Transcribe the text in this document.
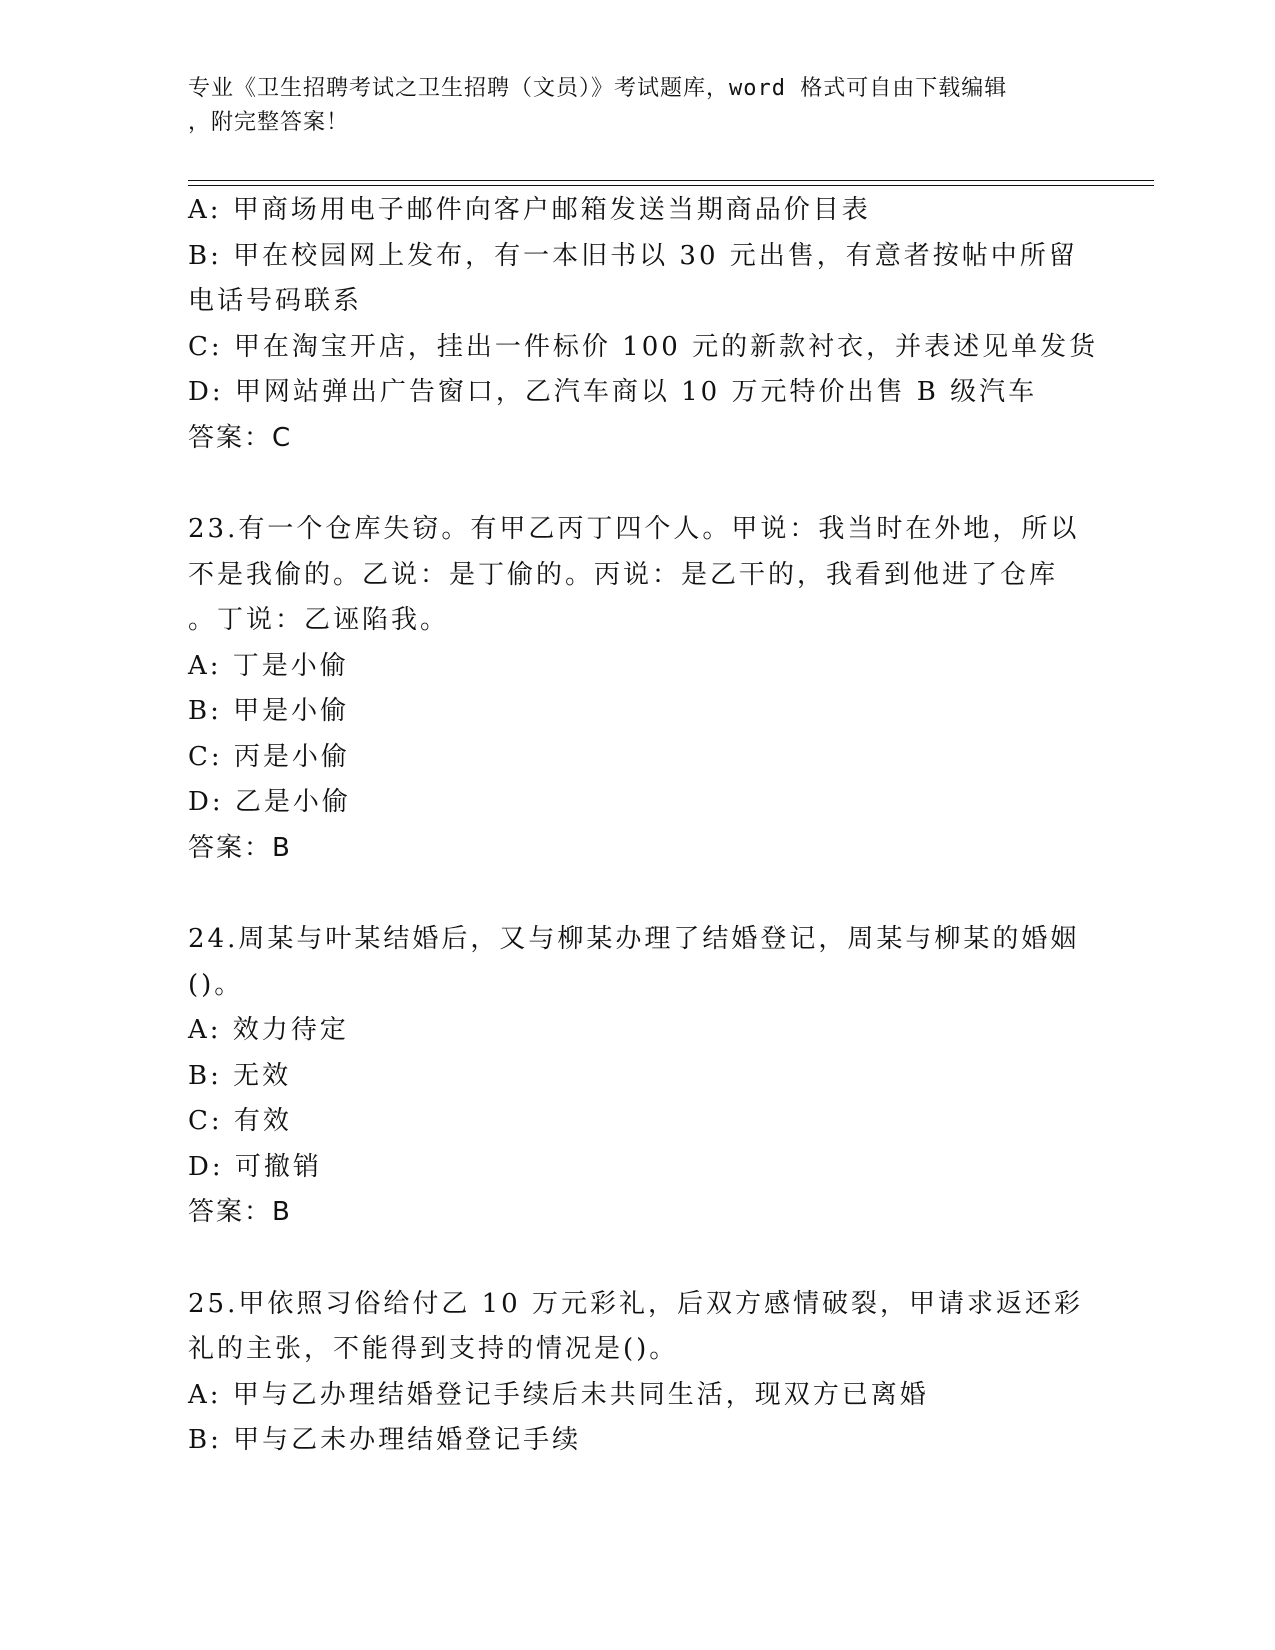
专业《卫生招聘考试之卫生招聘（文员）》考试题库，word 格式可自由下载编辑
，附完整答案！
A: 甲商场用电子邮件向客户邮箱发送当期商品价目表
B: 甲在校园网上发布，有一本旧书以 30 元出售，有意者按帖中所留
电话号码联系
C: 甲在淘宝开店，挂出一件标价 100 元的新款衬衣，并表述见单发货
D: 甲网站弹出广告窗口，乙汽车商以 10 万元特价出售 B 级汽车
答案：C
23.有一个仓库失窃。有甲乙丙丁四个人。甲说：我当时在外地，所以
不是我偷的。乙说：是丁偷的。丙说：是乙干的，我看到他进了仓库
。丁说：乙诬陷我。
A: 丁是小偷
B: 甲是小偷
C: 丙是小偷
D: 乙是小偷
答案：B
24.周某与叶某结婚后，又与柳某办理了结婚登记，周某与柳某的婚姻
()。
A: 效力待定
B: 无效
C: 有效
D: 可撤销
答案：B
25.甲依照习俗给付乙 10 万元彩礼，后双方感情破裂，甲请求返还彩
礼的主张，不能得到支持的情况是()。
A: 甲与乙办理结婚登记手续后未共同生活，现双方已离婚
B: 甲与乙未办理结婚登记手续
